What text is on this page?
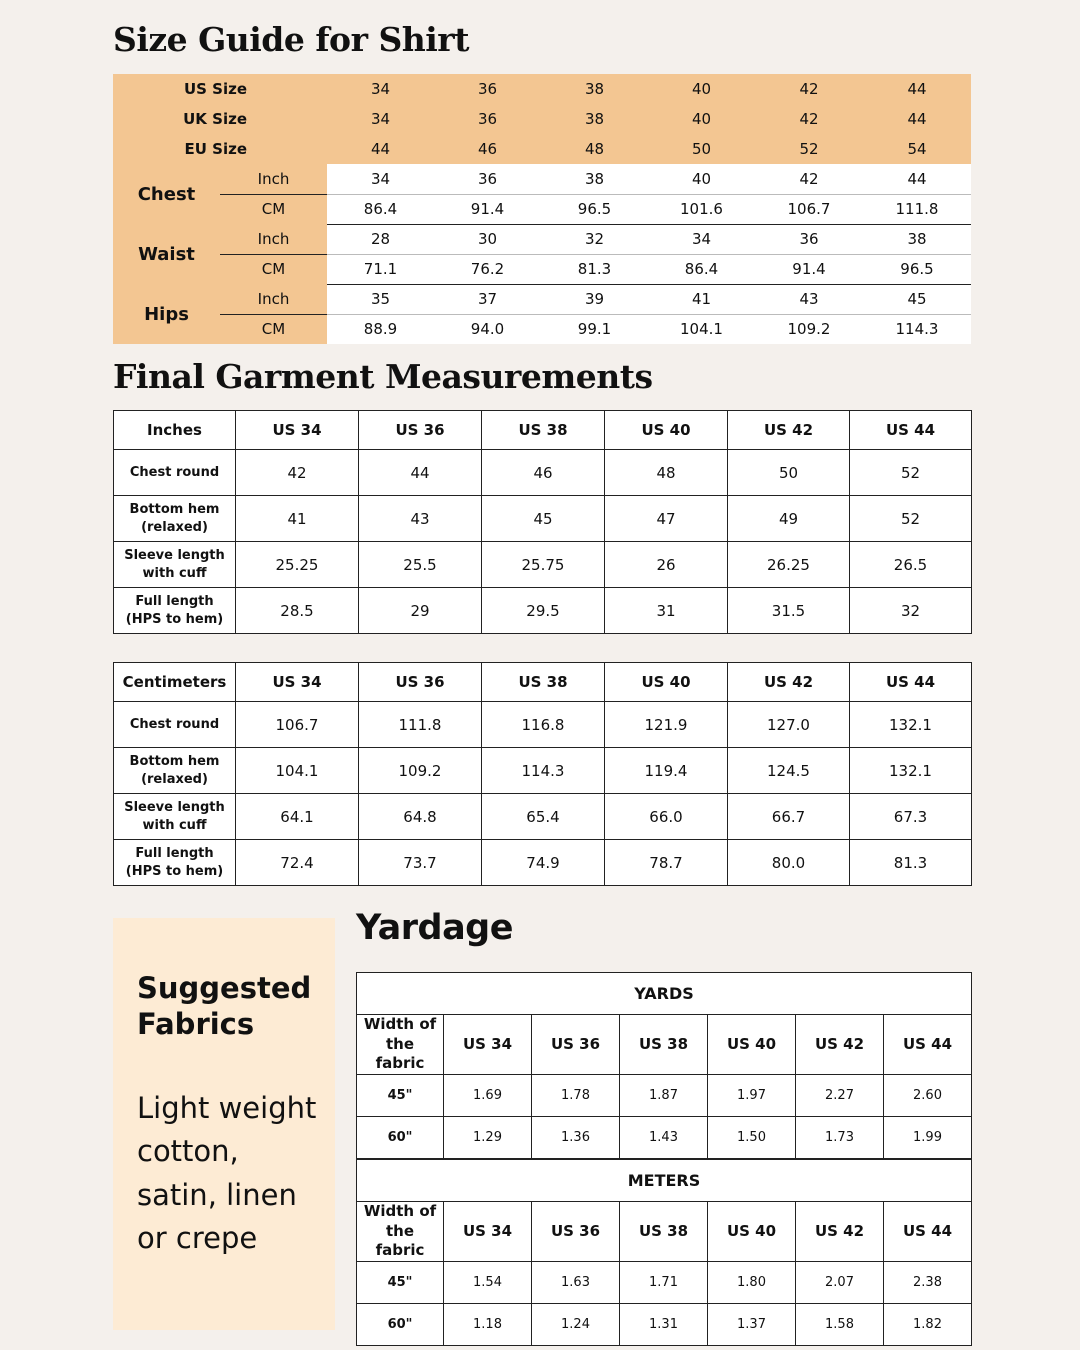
Size Guide for Shirt
US Size		34	36	38	40	42	44
UK Size		34	36	38	40	42	44
EU Size		44	46	48	50	52	54
Chest	Inch	34	36	38	40	42	44
	CM	86.4	91.4	96.5	101.6	106.7	111.8
Waist	Inch	28	30	32	34	36	38
	CM	71.1	76.2	81.3	86.4	91.4	96.5
Hips	Inch	35	37	39	41	43	45
	CM	88.9	94.0	99.1	104.1	109.2	114.3
Final Garment Measurements
Inches	US 34	US 36	US 38	US 40	US 42	US 44

Chest round	42	44	46	48	50	52

Bottom hem
(relaxed)	41	43	45	47	49	52

Sleeve length
with cuff	25.25	25.5	25.75	26	26.25	26.5

Full length
(HPS to hem)	28.5	29	29.5	31	31.5	32
Centimeters	US 34	US 36	US 38	US 40	US 42	US 44

Chest round	106.7	111.8	116.8	121.9	127.0	132.1

Bottom hem
(relaxed)	104.1	109.2	114.3	119.4	124.5	132.1

Sleeve length
with cuff	64.1	64.8	65.4	66.0	66.7	67.3

Full length
(HPS to hem)	72.4	73.7	74.9	78.7	80.0	81.3
Suggested
Fabrics
Light weight
cotton,
satin, linen
or crepe
Yardage
YARDS						

Width of
the fabric	US 34	US 36	US 38	US 40	US 42	US 44
45"	1.69	1.78	1.87	1.97	2.27	2.60
60"	1.29	1.36	1.43	1.50	1.73	1.99
METERS						

Width of
the fabric	US 34	US 36	US 38	US 40	US 42	US 44
45"	1.54	1.63	1.71	1.80	2.07	2.38
60"	1.18	1.24	1.31	1.37	1.58	1.82
